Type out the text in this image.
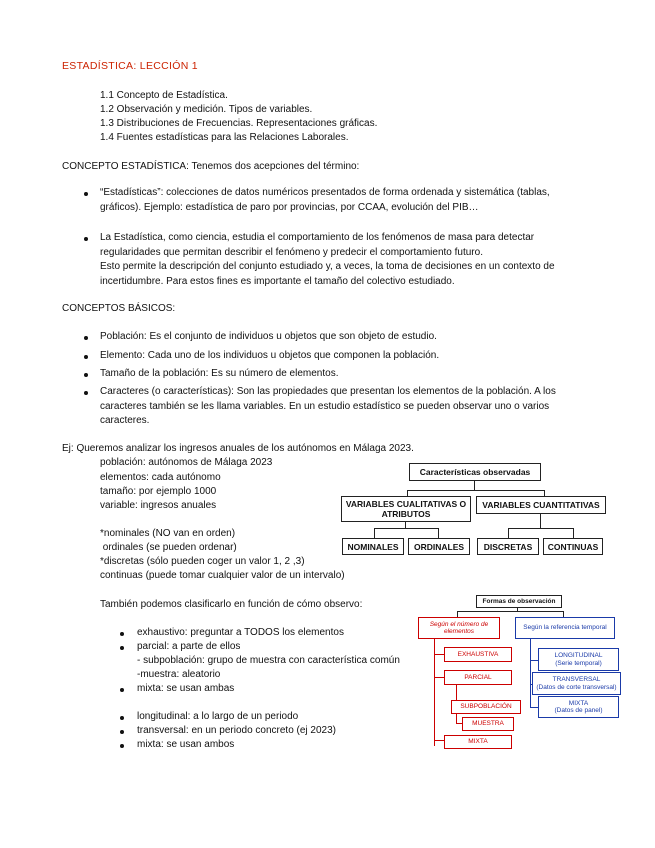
ESTADÍSTICA: LECCIÓN 1
1.1 Concepto de Estadística.
1.2 Observación y medición. Tipos de variables.
1.3 Distribuciones de Frecuencias. Representaciones gráficas.
1.4 Fuentes estadísticas para las Relaciones Laborales.
CONCEPTO ESTADÍSTICA: Tenemos dos acepciones del término:
“Estadísticas”: colecciones de datos numéricos presentados de forma ordenada y sistemática (tablas, gráficos). Ejemplo: estadística de paro por provincias, por CCAA, evolución del PIB…
La Estadística, como ciencia, estudia el comportamiento de los fenómenos de masa para detectar regularidades que permitan describir el fenómeno y predecir el comportamiento futuro.
Esto permite la descripción del conjunto estudiado y, a veces, la toma de decisiones en un contexto de incertidumbre. Para estos fines es importante el tamaño del colectivo estudiado.
CONCEPTOS BÁSICOS:
Población: Es el conjunto de individuos u objetos que son objeto de estudio.
Elemento: Cada uno de los individuos u objetos que componen la población.
Tamaño de la población: Es su número de elementos.
Caracteres (o características): Son las propiedades que presentan los elementos de la población. A los caracteres también se les llama variables. En un estudio estadístico se pueden observar uno o varios caracteres.
Ej: Queremos analizar los ingresos anuales de los autónomos en Málaga 2023.
población: autónomos de Málaga 2023
elementos: cada autónomo
tamaño: por ejemplo 1000
variable: ingresos anuales
*nominales (NO van en orden)
ordinales (se pueden ordenar)
*discretas (sólo pueden coger un valor 1, 2 ,3)
continuas (puede tomar cualquier valor de un intervalo)
Características observadas
VARIABLES CUALITATIVAS O ATRIBUTOS
VARIABLES CUANTITATIVAS
NOMINALES	ORDINALES	DISCRETAS	CONTINUAS
También podemos clasificarlo en función de cómo observo:
exhaustivo: preguntar a TODOS los elementos
parcial: a parte de ellos
- subpoblación: grupo de muestra con característica común
-muestra: aleatorio
mixta: se usan ambas
longitudinal: a lo largo de un periodo
transversal: en un periodo concreto (ej 2023)
mixta: se usan ambos
Formas de observación
Según el número de elementos
Según la referencia temporal
EXHAUSTIVA
PARCIAL
SUBPOBLACIÓN
MUESTRA
MIXTA
LONGITUDINAL
(Serie temporal)
TRANSVERSAL
(Datos de corte transversal)
MIXTA
(Datos de panel)
